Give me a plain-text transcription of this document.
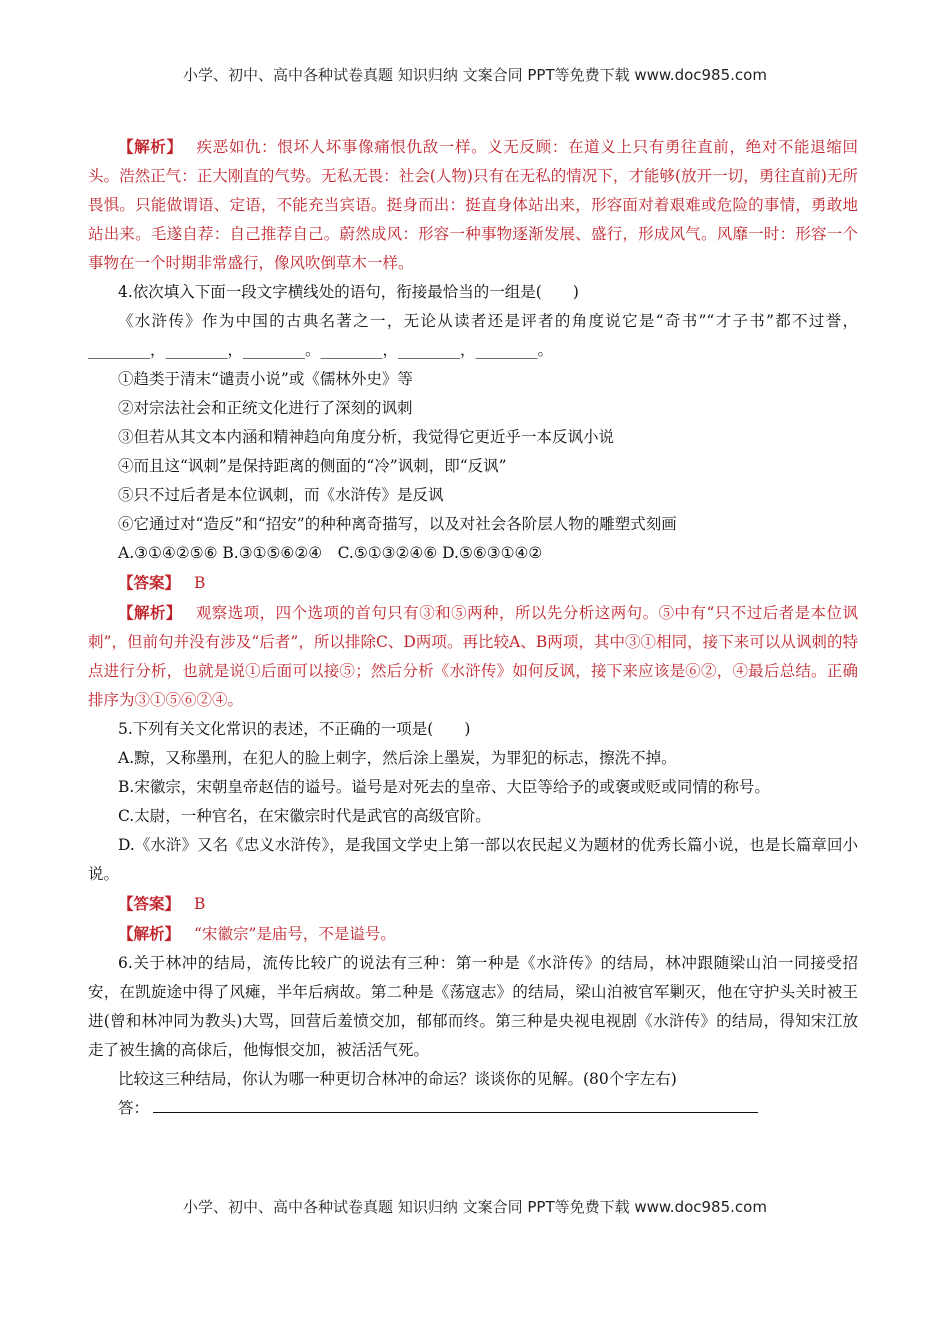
小学、初中、高中各种试卷真题 知识归纳 文案合同 PPT等免费下载 www.doc985.com

【解析】 疾恶如仇：恨坏人坏事像痛恨仇敌一样。义无反顾：在道义上只有勇往直前，绝对不能退缩回头。浩然正气：正大刚直的气势。无私无畏：社会(人物)只有在无私的情况下，才能够(放开一切，勇往直前)无所畏惧。只能做谓语、定语，不能充当宾语。挺身而出：挺直身体站出来，形容面对着艰难或危险的事情，勇敢地站出来。毛遂自荐：自己推荐自己。蔚然成风：形容一种事物逐渐发展、盛行，形成风气。风靡一时：形容一个事物在一个时期非常盛行，像风吹倒草木一样。

4.依次填入下面一段文字横线处的语句，衔接最恰当的一组是(　　)

《水浒传》作为中国的古典名著之一，无论从读者还是评者的角度说它是“奇书”“才子书”都不过誉，________，________，________。________，________，________。

①趋类于清末“谴责小说”或《儒林外史》等

②对宗法社会和正统文化进行了深刻的讽刺

③但若从其文本内涵和精神趋向角度分析，我觉得它更近乎一本反讽小说

④而且这“讽刺”是保持距离的侧面的“冷”讽刺，即“反讽”

⑤只不过后者是本位讽刺，而《水浒传》是反讽

⑥它通过对“造反”和“招安”的种种离奇描写，以及对社会各阶层人物的雕塑式刻画

A.③①④②⑤⑥ B.③①⑤⑥②④　C.⑤①③②④⑥ D.⑤⑥③①④②

【答案】 B

【解析】 观察选项，四个选项的首句只有③和⑤两种，所以先分析这两句。⑤中有“只不过后者是本位讽刺”，但前句并没有涉及“后者”，所以排除C、D两项。再比较A、B两项，其中③①相同，接下来可以从讽刺的特点进行分析，也就是说①后面可以接⑤；然后分析《水浒传》如何反讽，接下来应该是⑥②，④最后总结。正确排序为③①⑤⑥②④。

5.下列有关文化常识的表述，不正确的一项是(　　)

A.黥，又称墨刑，在犯人的脸上刺字，然后涂上墨炭，为罪犯的标志，擦洗不掉。

B.宋徽宗，宋朝皇帝赵佶的谥号。谥号是对死去的皇帝、大臣等给予的或褒或贬或同情的称号。

C.太尉，一种官名，在宋徽宗时代是武官的高级官阶。

D.《水浒》又名《忠义水浒传》，是我国文学史上第一部以农民起义为题材的优秀长篇小说，也是长篇章回小说。

【答案】 B

【解析】 “宋徽宗”是庙号，不是谥号。

6.关于林冲的结局，流传比较广的说法有三种：第一种是《水浒传》的结局，林冲跟随梁山泊一同接受招安，在凯旋途中得了风瘫，半年后病故。第二种是《荡寇志》的结局，梁山泊被官军剿灭，他在守护头关时被王进(曾和林冲同为教头)大骂，回营后羞愤交加，郁郁而终。第三种是央视电视剧《水浒传》的结局，得知宋江放走了被生擒的高俅后，他悔恨交加，被活活气死。

比较这三种结局，你认为哪一种更切合林冲的命运？谈谈你的见解。(80个字左右)

答：

小学、初中、高中各种试卷真题 知识归纳 文案合同 PPT等免费下载 www.doc985.com
